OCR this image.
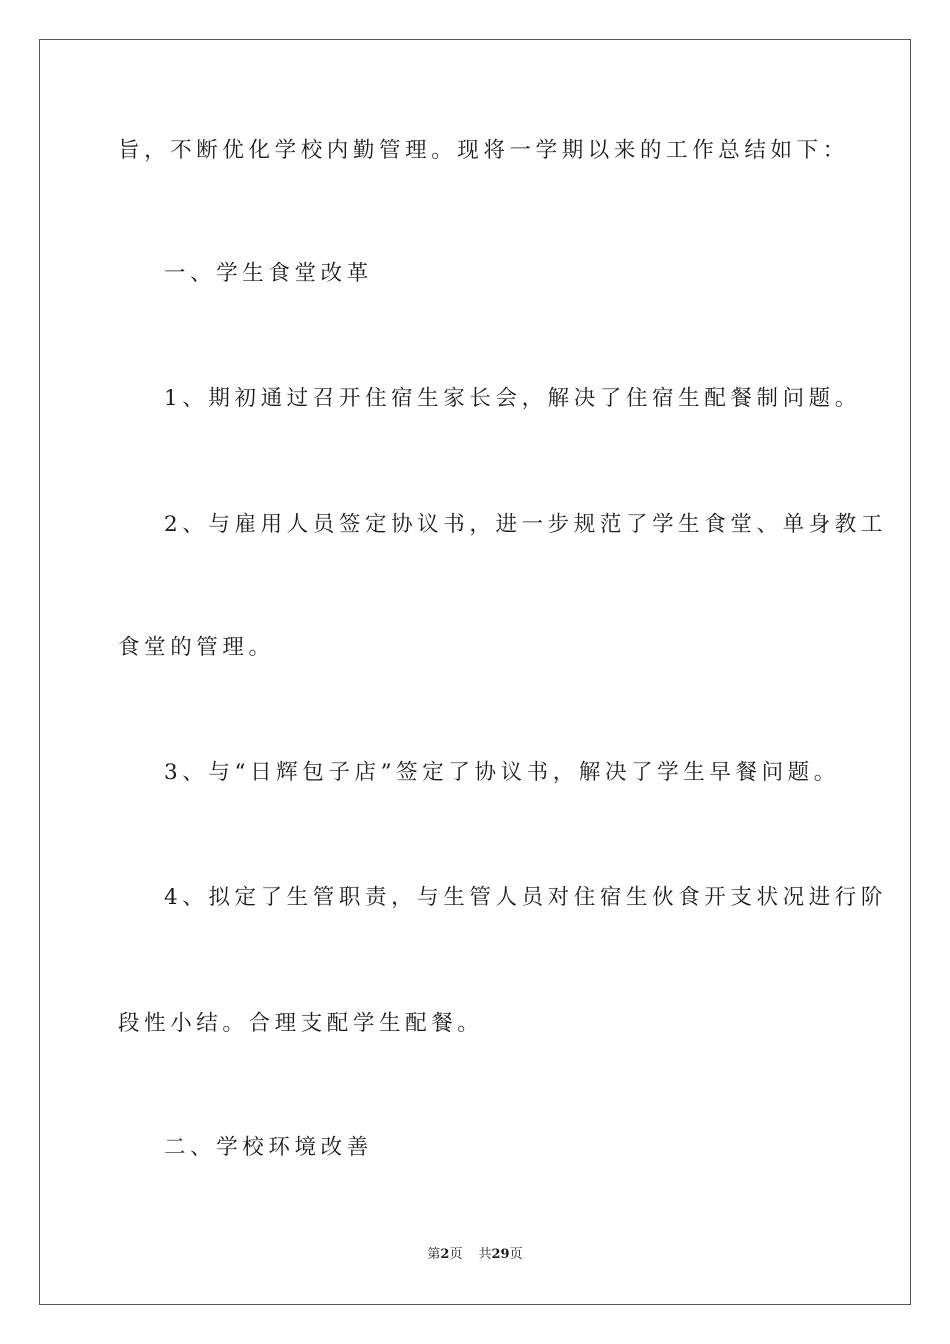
旨，不断优化学校内勤管理。现将一学期以来的工作总结如下：
一、学生食堂改革
1、期初通过召开住宿生家长会，解决了住宿生配餐制问题。
2、与雇用人员签定协议书，进一步规范了学生食堂、单身教工
食堂的管理。
3、与“日辉包子店”签定了协议书，解决了学生早餐问题。
4、拟定了生管职责，与生管人员对住宿生伙食开支状况进行阶
段性小结。合理支配学生配餐。
二、学校环境改善
第2页 共29页
